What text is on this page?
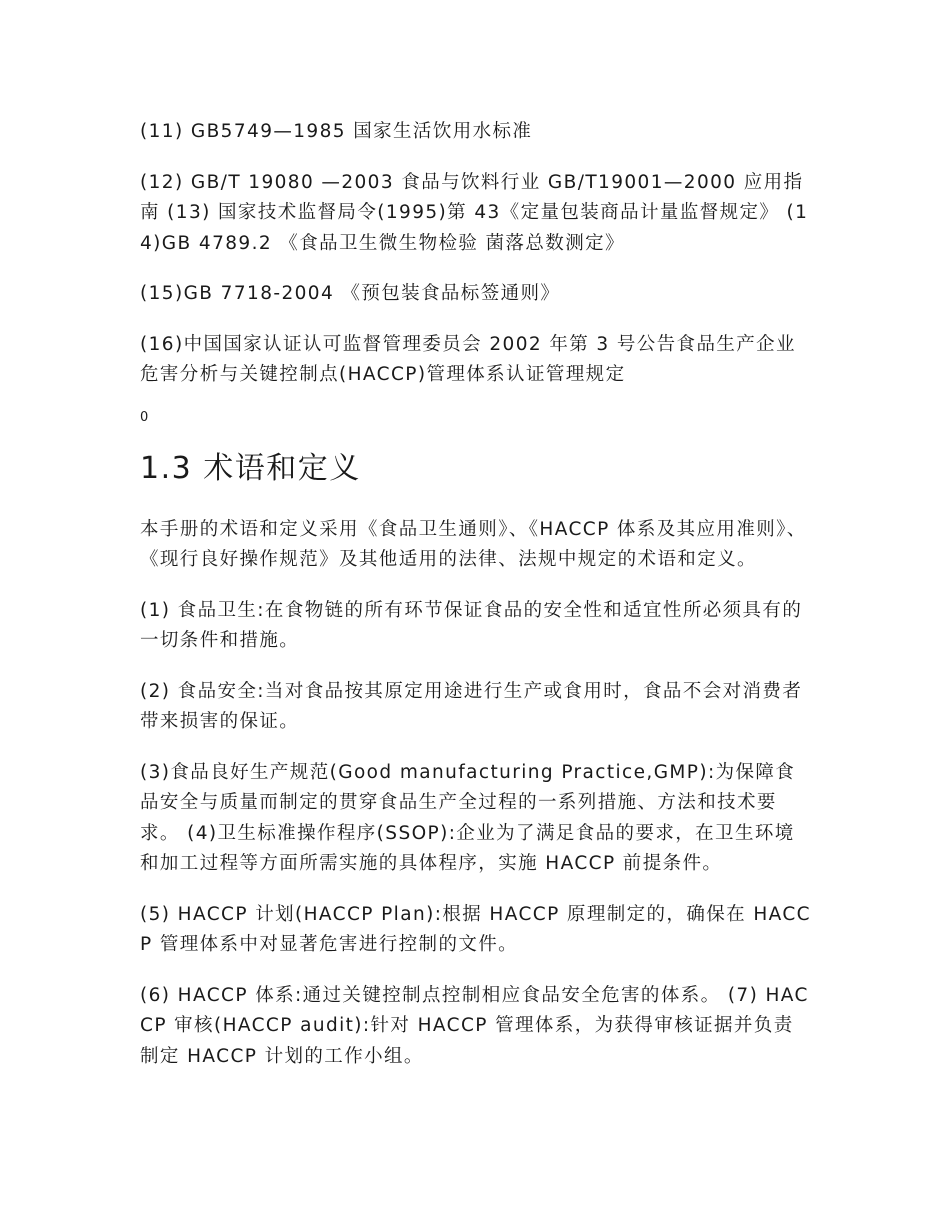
(11) GB5749—1985 国家生活饮用水标准

(12) GB/T 19080 —2003 食品与饮料行业 GB/T19001—2000 应用指南 (13) 国家技术监督局令(1995)第 43《定量包装商品计量监督规定》 (14)GB 4789.2 《食品卫生微生物检验 菌落总数测定》

(15)GB 7718-2004 《预包装食品标签通则》

(16)中国国家认证认可监督管理委员会 2002 年第 3 号公告食品生产企业危害分析与关键控制点(HACCP)管理体系认证管理规定

0
1.3 术语和定义

本手册的术语和定义采用《食品卫生通则》、《HACCP 体系及其应用准则》、《现行良好操作规范》及其他适用的法律、法规中规定的术语和定义。

(1) 食品卫生:在食物链的所有环节保证食品的安全性和适宜性所必须具有的一切条件和措施。

(2) 食品安全:当对食品按其原定用途进行生产或食用时，食品不会对消费者带来损害的保证。

(3)食品良好生产规范(Good manufacturing Practice,GMP):为保障食品安全与质量而制定的贯穿食品生产全过程的一系列措施、方法和技术要求。 (4)卫生标准操作程序(SSOP):企业为了满足食品的要求，在卫生环境和加工过程等方面所需实施的具体程序，实施 HACCP 前提条件。

(5) HACCP 计划(HACCP Plan):根据 HACCP 原理制定的，确保在 HACCP 管理体系中对显著危害进行控制的文件。

(6) HACCP 体系:通过关键控制点控制相应食品安全危害的体系。 (7) HACCP 审核(HACCP audit):针对 HACCP 管理体系，为获得审核证据并负责制定 HACCP 计划的工作小组。
